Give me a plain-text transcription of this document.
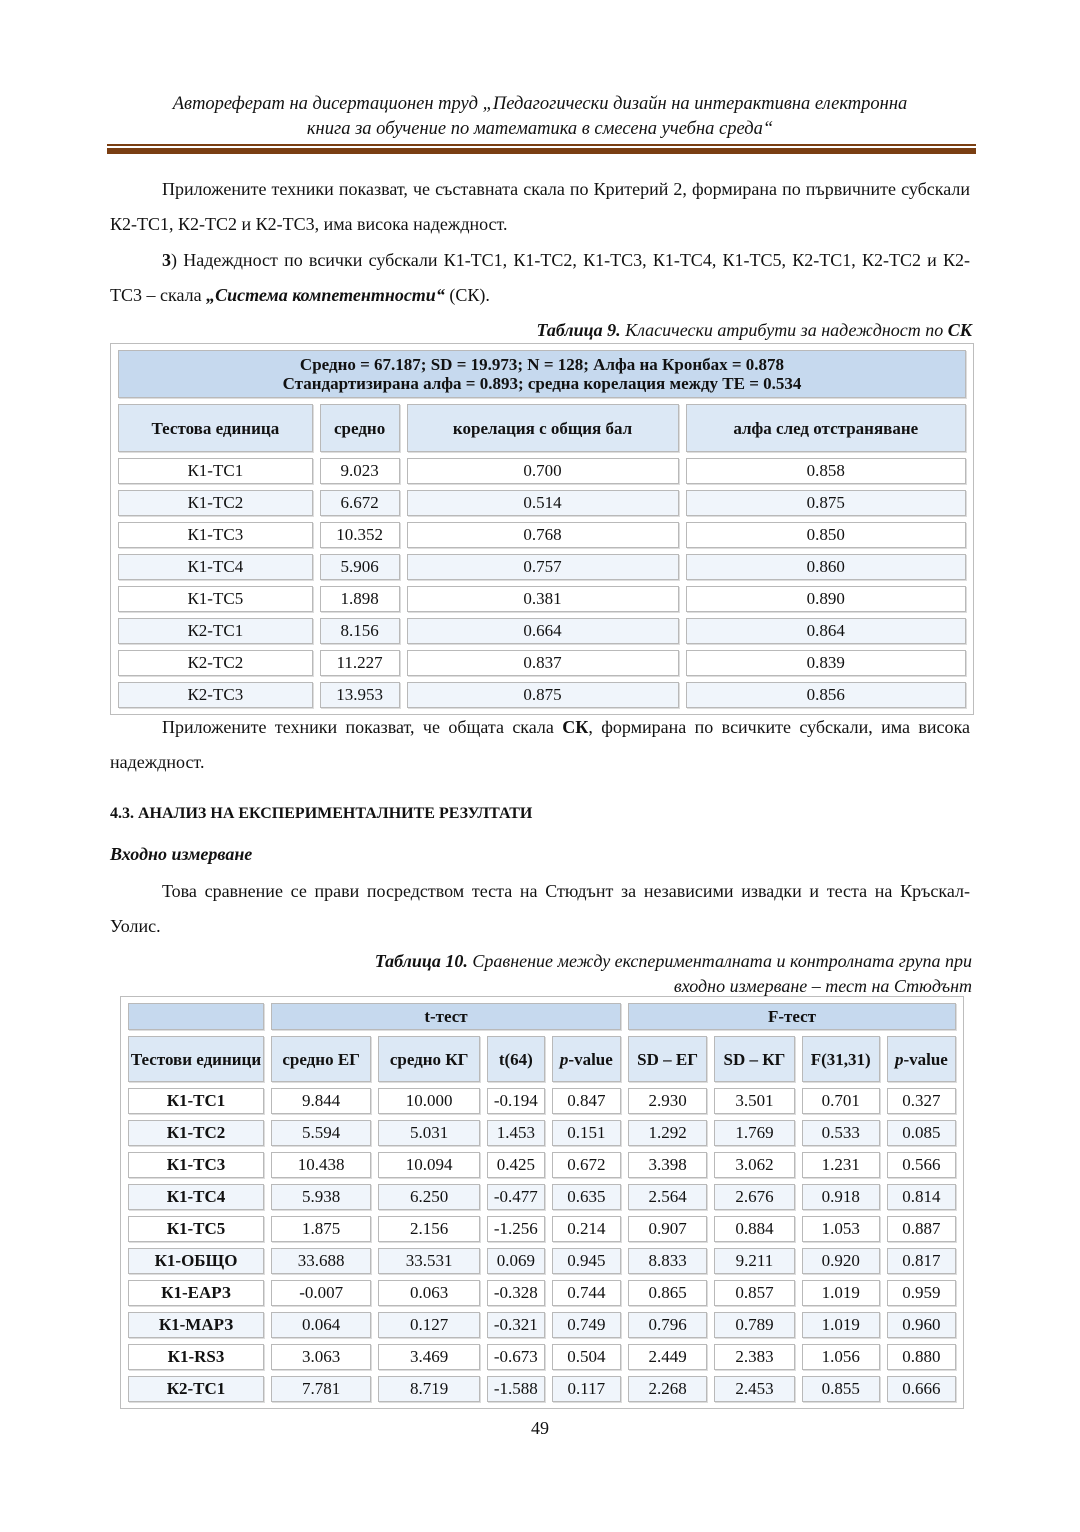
Автореферат на дисертационен труд „Педагогически дизайн на интерактивна електронна
книга за обучение по математика в смесена учебна среда“
Приложените техники показват, че съставната скала по Критерий 2, формирана по първичните субскали К2-ТС1, К2-ТС2 и К2-ТС3, има висока надеждност.
3) Надеждност по всички субскали К1-ТС1, К1-ТС2, К1-ТС3, К1-ТС4, К1-ТС5, К2-ТС1, К2-ТС2 и К2-ТС3 – скала „Система компетентности“ (СК).
Таблица 9. Класически атрибути за надеждност по СК
Средно = 67.187; SD = 19.973; N = 128; Алфа на Кронбах = 0.878
Стандартизирана алфа = 0.893; средна корелация между ТЕ = 0.534			

Тестова единица	средно	корелация с общия бал	алфа след отстраняване
К1-ТС1	9.023	0.700	0.858
К1-ТС2	6.672	0.514	0.875
К1-ТС3	10.352	0.768	0.850
К1-ТС4	5.906	0.757	0.860
К1-ТС5	1.898	0.381	0.890
К2-ТС1	8.156	0.664	0.864
К2-ТС2	11.227	0.837	0.839
К2-ТС3	13.953	0.875	0.856
Приложените техники показват, че общата скала СК, формирана по всичките субскали, има висока надеждност.
4.3. АНАЛИЗ НА ЕКСПЕРИМЕНТАЛНИТЕ РЕЗУЛТАТИ
Входно измерване
Това сравнение се прави посредством теста на Стюдънт за независими извадки и теста на Кръскал-Уолис.
Таблица 10. Сравнение между експерименталната и контролната група при
входно измерване – тест на Стюдънт
	t-тест				F-тест			
Тестови единици	средно ЕГ	средно КГ	t(64)	p-value	SD – ЕГ	SD – КГ	F(31,31)	p-value
К1-ТС1	9.844	10.000	-0.194	0.847	2.930	3.501	0.701	0.327
К1-ТС2	5.594	5.031	1.453	0.151	1.292	1.769	0.533	0.085
К1-ТС3	10.438	10.094	0.425	0.672	3.398	3.062	1.231	0.566
К1-ТС4	5.938	6.250	-0.477	0.635	2.564	2.676	0.918	0.814
К1-ТС5	1.875	2.156	-1.256	0.214	0.907	0.884	1.053	0.887
К1-ОБЩО	33.688	33.531	0.069	0.945	8.833	9.211	0.920	0.817
К1-ЕАРЗ	-0.007	0.063	-0.328	0.744	0.865	0.857	1.019	0.959
К1-МАРЗ	0.064	0.127	-0.321	0.749	0.796	0.789	1.019	0.960
К1-RS3	3.063	3.469	-0.673	0.504	2.449	2.383	1.056	0.880
К2-ТС1	7.781	8.719	-1.588	0.117	2.268	2.453	0.855	0.666
49
